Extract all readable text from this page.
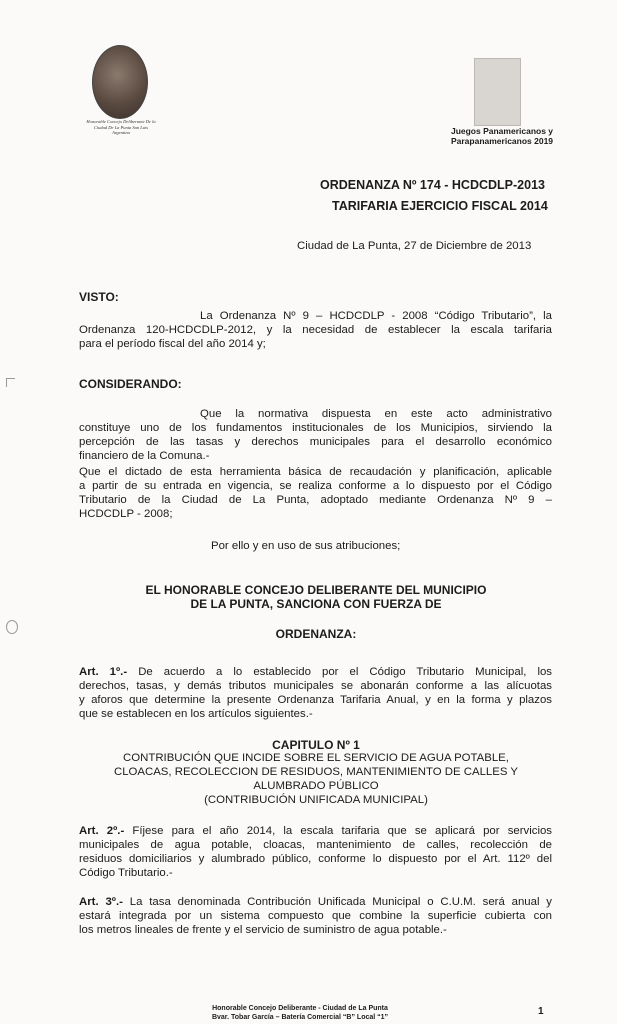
Honorable Concejo Deliberante De la Ciudad De La Punta San Luis Argentina	Juegos Panamericanos y Parapanamericanos 2019
ORDENANZA Nº 174 - HCDCDLP-2013
TARIFARIA EJERCICIO FISCAL 2014
Ciudad de La Punta, 27 de Diciembre de 2013
VISTO:
La Ordenanza Nº 9 – HCDCDLP - 2008 “Código Tributario”, la
Ordenanza 120-HCDCDLP-2012, y la necesidad de establecer la escala tarifaria
para el período fiscal del año 2014 y;
CONSIDERANDO:
Que la normativa dispuesta en este acto administrativo
constituye uno de los fundamentos institucionales de los Municipios, sirviendo la
percepción de las tasas y derechos municipales para el desarrollo económico
financiero de la Comuna.-
Que el dictado de esta herramienta básica de recaudación y planificación, aplicable
a partir de su entrada en vigencia, se realiza conforme a lo dispuesto por el Código
Tributario de la Ciudad de La Punta, adoptado mediante Ordenanza Nº 9 –
HCDCDLP - 2008;
Por ello y en uso de sus atribuciones;
EL HONORABLE CONCEJO DELIBERANTE DEL MUNICIPIO
DE LA PUNTA, SANCIONA CON FUERZA DE
ORDENANZA:
Art. 1º.- De acuerdo a lo establecido por el Código Tributario Municipal, los
derechos, tasas, y demás tributos municipales se abonarán conforme a las alícuotas
y aforos que determine la presente Ordenanza Tarifaria Anual, y en la forma y plazos
que se establecen en los artículos siguientes.-
CAPITULO Nº 1
CONTRIBUCIÓN QUE INCIDE SOBRE EL SERVICIO DE AGUA POTABLE,
CLOACAS, RECOLECCION DE RESIDUOS, MANTENIMIENTO DE CALLES Y
ALUMBRADO PÚBLICO
(CONTRIBUCIÓN UNIFICADA MUNICIPAL)
Art. 2º.- Fíjese para el año 2014, la escala tarifaria que se aplicará por servicios
municipales de agua potable, cloacas, mantenimiento de calles, recolección de
residuos domiciliarios y alumbrado público, conforme lo dispuesto por el Art. 112º del
Código Tributario.-
Art. 3º.- La tasa denominada Contribución Unificada Municipal o C.U.M. será anual y
estará integrada por un sistema compuesto que combine la superficie cubierta con
los metros lineales de frente y el servicio de suministro de agua potable.-
Honorable Concejo Deliberante - Ciudad de La Punta
Bvar. Tobar García – Batería Comercial “B” Local “1”
1
